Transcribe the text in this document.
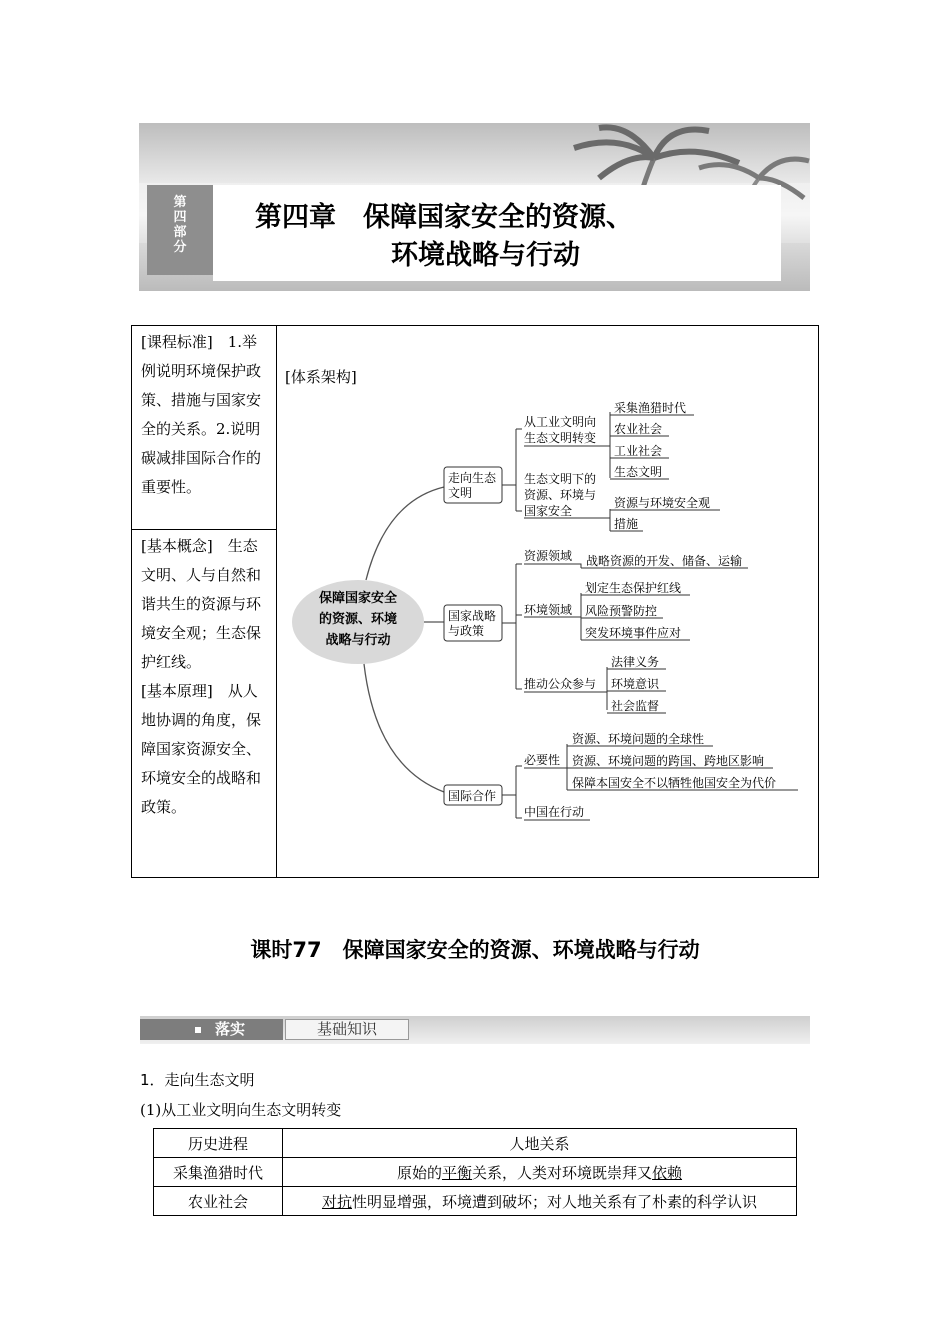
第四部分
第四章　保障国家安全的资源、
环境战略与行动
[课程标准]　1.举例说明环境保护政策、措施与国家安全的关系。2.说明碳减排国际合作的重要性。
[基本概念]　生态文明、人与自然和谐共生的资源与环境安全观；生态保护红线。
[基本原理]　从人地协调的角度，保障国家资源安全、环境安全的战略和政策。
[体系架构]
保障国家安全
的资源、环境
战略与行动
走向生态
文明
从工业文明向
生态文明转变
采集渔猎时代
农业社会
工业社会
生态文明
生态文明下的
资源、环境与
国家安全
资源与环境安全观
措施
国家战略
与政策
资源领域 战略资源的开发、储备、运输
环境领域
划定生态保护红线
风险预警防控
突发环境事件应对
推动公众参与
法律义务
环境意识
社会监督
国际合作
必要性
资源、环境问题的全球性
资源、环境问题的跨国、跨地区影响
保障本国安全不以牺牲他国安全为代价
中国在行动
课时77　保障国家安全的资源、环境战略与行动
落实	基础知识
1．走向生态文明
(1)从工业文明向生态文明转变
历史进程	人地关系
采集渔猎时代	原始的平衡关系，人类对环境既崇拜又依赖
农业社会	对抗性明显增强，环境遭到破坏；对人地关系有了朴素的科学认识
